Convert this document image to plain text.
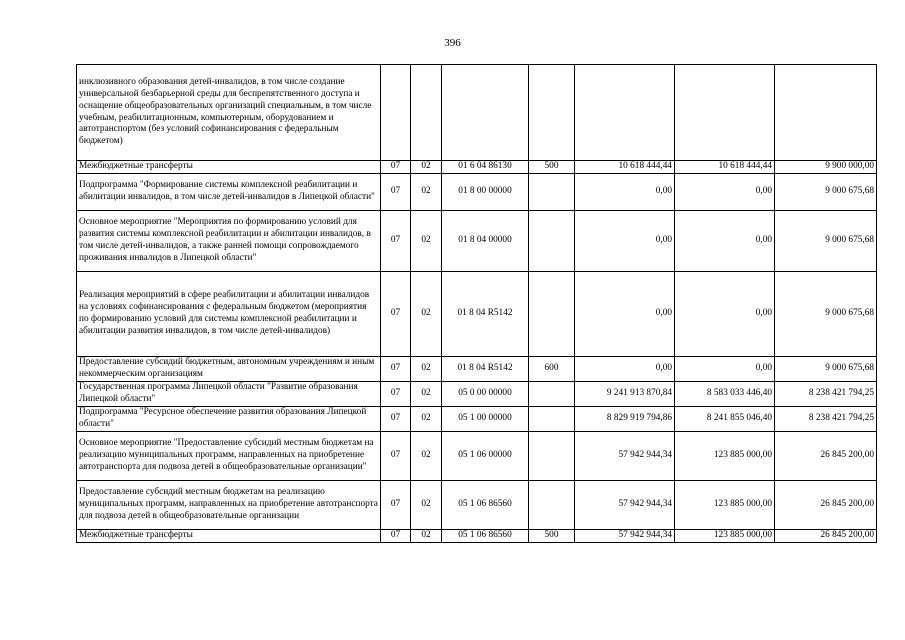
396
инклюзивного образования детей-инвалидов, в том числе создание универсальной безбарьерной среды для беспрепятственного доступа и оснащение общеобразовательных организаций специальным, в том числе учебным, реабилитационным, компьютерным, оборудованием и автотранспортом (без условий софинансирования с федеральным бюджетом)							
Межбюджетные трансферты	07	02	01 6 04 86130	500	10 618 444,44	10 618 444,44	9 900 000,00
Подпрограмма "Формирование системы комплексной реабилитации и абилитации инвалидов, в том числе детей-инвалидов в Липецкой области"	07	02	01 8 00 00000		0,00	0,00	9 000 675,68
Основное мероприятие "Мероприятия по формированию условий для развития системы комплексной реабилитации и абилитации инвалидов, в том числе детей-инвалидов, а также ранней помощи сопровождаемого проживания инвалидов в Липецкой области"	07	02	01 8 04 00000		0,00	0,00	9 000 675,68
Реализация мероприятий в сфере реабилитации и абилитации инвалидов на условиях софинансирования с федеральным бюджетом (мероприятия по формированию условий для системы комплексной реабилитации и абилитации развития инвалидов, в том числе детей-инвалидов)	07	02	01 8 04 R5142		0,00	0,00	9 000 675,68
Предоставление субсидий бюджетным, автономным учреждениям и иным некоммерческим организациям	07	02	01 8 04 R5142	600	0,00	0,00	9 000 675,68
Государственная программа Липецкой области "Развитие образования Липецкой области"	07	02	05 0 00 00000		9 241 913 870,84	8 583 033 446,40	8 238 421 794,25
Подпрограмма "Ресурсное обеспечение развития образования Липецкой области"	07	02	05 1 00 00000		8 829 919 794,86	8 241 855 046,40	8 238 421 794,25
Основное мероприятие "Предоставление субсидий местным бюджетам на реализацию муниципальных программ, направленных на приобретение автотранспорта для подвоза детей в общеобразовательные организации"	07	02	05 1 06 00000		57 942 944,34	123 885 000,00	26 845 200,00
Предоставление субсидий местным бюджетам на реализацию муниципальных программ, направленных на приобретение автотранспорта для подвоза детей в общеобразовательные организации	07	02	05 1 06 86560		57 942 944,34	123 885 000,00	26 845 200,00
Межбюджетные трансферты	07	02	05 1 06 86560	500	57 942 944,34	123 885 000,00	26 845 200,00
